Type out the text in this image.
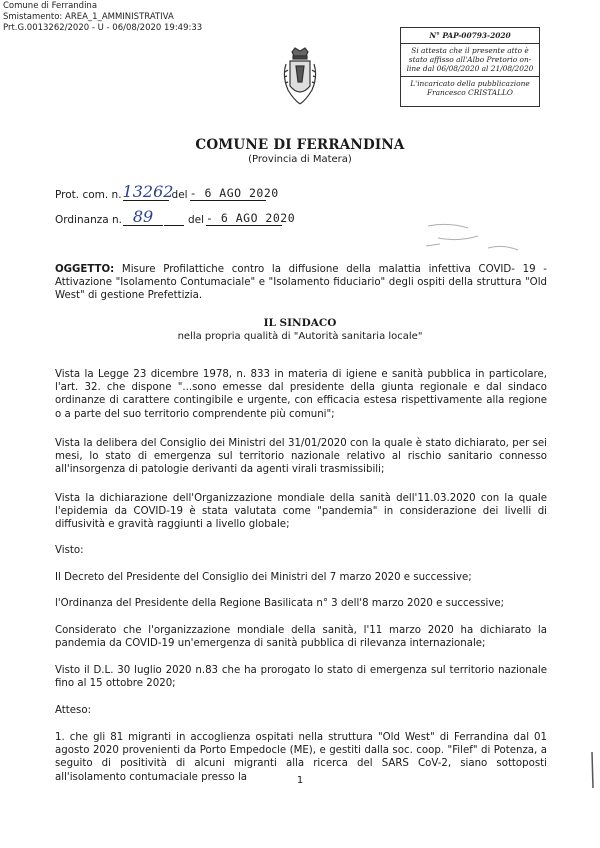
Comune di Ferrandina
Smistamento: AREA_1_AMMINISTRATIVA
Prt.G.0013262/2020 - U - 06/08/2020 19:49:33
N° PAP-00793-2020
Si attesta che il presente atto è stato affisso all'Albo Pretorio on-line dal 06/08/2020 al 21/08/2020
L'incaricato della pubblicazione
Francesco CRISTALLO
COMUNE DI FERRANDINA
(Provincia di Matera)
Prot. com. n. 13262
del - 6 AGO 2020
Ordinanza n. 89	del - 6 AGO 2020
OGGETTO: Misure Profilattiche contro la diffusione della malattia infettiva COVID- 19 - Attivazione "Isolamento Contumaciale" e "Isolamento fiduciario" degli ospiti della struttura "Old West" di gestione Prefettizia.
IL SINDACO
nella propria qualità di "Autorità sanitaria locale"
Vista la Legge 23 dicembre 1978, n. 833 in materia di igiene e sanità pubblica in particolare, l'art. 32. che dispone "...sono emesse dal presidente della giunta regionale e dal sindaco ordinanze di carattere contingibile e urgente, con efficacia estesa rispettivamente alla regione o a parte del suo territorio comprendente più comuni";
Vista la delibera del Consiglio dei Ministri del 31/01/2020 con la quale è stato dichiarato, per sei mesi, lo stato di emergenza sul territorio nazionale relativo al rischio sanitario connesso all'insorgenza di patologie derivanti da agenti virali trasmissibili;
Vista la dichiarazione dell'Organizzazione mondiale della sanità dell'11.03.2020 con la quale l'epidemia da COVID-19 è stata valutata come "pandemia" in considerazione dei livelli di diffusività e gravità raggiunti a livello globale;
Visto:
Il Decreto del Presidente del Consiglio dei Ministri del 7 marzo 2020 e successive;
l'Ordinanza del Presidente della Regione Basilicata n° 3 dell'8 marzo 2020 e successive;
Considerato che l'organizzazione mondiale della sanità, l'11 marzo 2020 ha dichiarato la pandemia da COVID-19 un'emergenza di sanità pubblica di rilevanza internazionale;
Visto il D.L. 30 luglio 2020 n.83 che ha prorogato lo stato di emergenza sul territorio nazionale fino al 15 ottobre 2020;
Atteso:
1. che gli 81 migranti in accoglienza ospitati nella struttura "Old West" di Ferrandina dal 01 agosto 2020 provenienti da Porto Empedocle (ME), e gestiti dalla soc. coop. "Filef" di Potenza, a seguito di positività di alcuni migranti alla ricerca del SARS CoV-2, siano sottoposti all'isolamento contumaciale presso la	1
